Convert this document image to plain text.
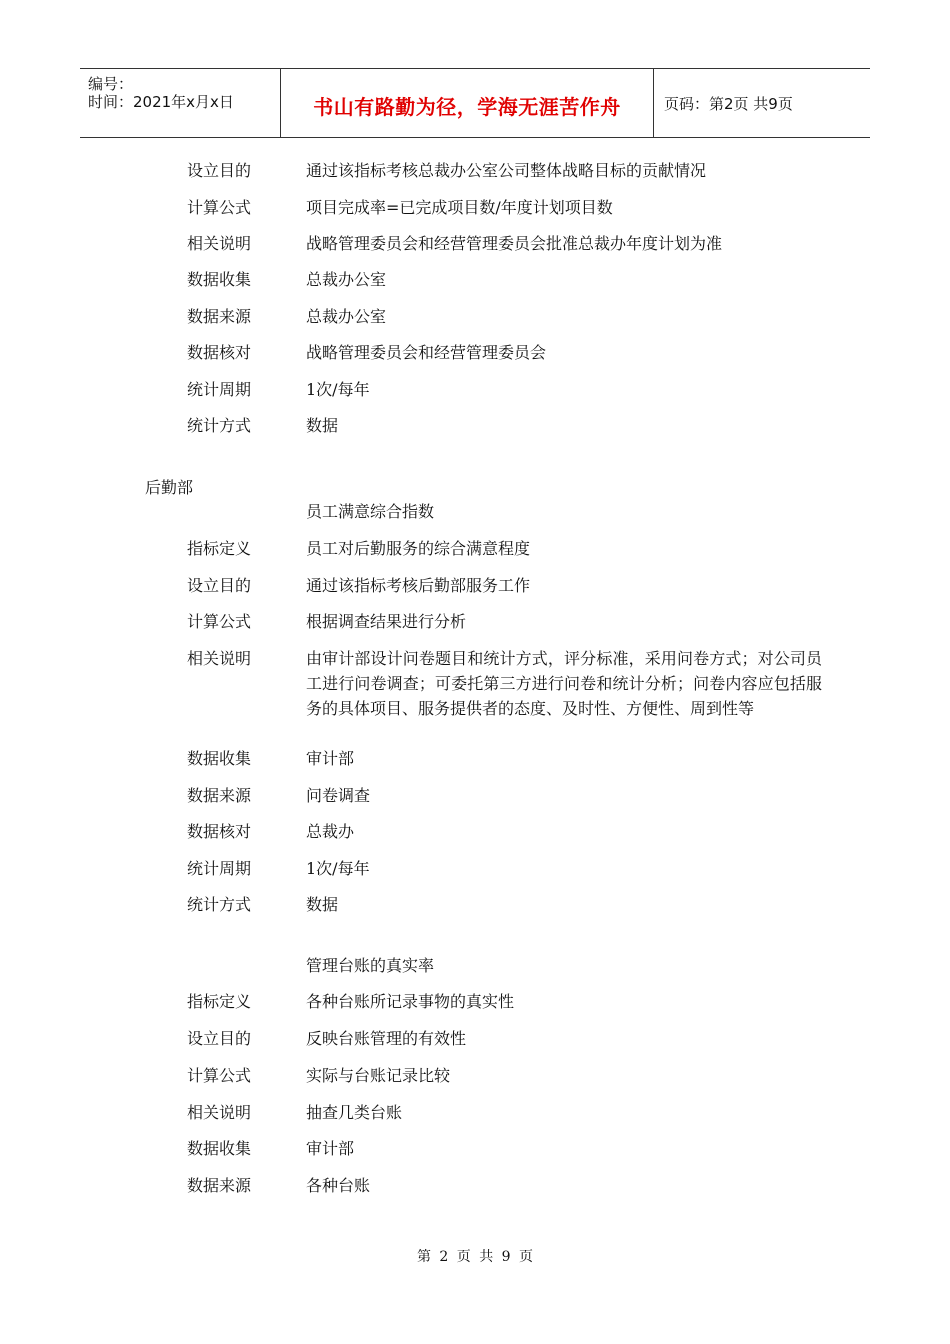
编号：
时间：2021年x月x日	书山有路勤为径，学海无涯苦作舟	页码：第2页 共9页
设立目的	通过该指标考核总裁办公室公司整体战略目标的贡献情况
计算公式	项目完成率=已完成项目数/年度计划项目数
相关说明	战略管理委员会和经营管理委员会批准总裁办年度计划为准
数据收集	总裁办公室
数据来源	总裁办公室
数据核对	战略管理委员会和经营管理委员会
统计周期	1次/每年
统计方式	数据
后勤部
员工满意综合指数
指标定义	员工对后勤服务的综合满意程度
设立目的	通过该指标考核后勤部服务工作
计算公式	根据调查结果进行分析
相关说明	由审计部设计问卷题目和统计方式，评分标准，采用问卷方式；对公司员工进行问卷调查；可委托第三方进行问卷和统计分析；问卷内容应包括服务的具体项目、服务提供者的态度、及时性、方便性、周到性等
数据收集	审计部
数据来源	问卷调查
数据核对	总裁办
统计周期	1次/每年
统计方式	数据
管理台账的真实率
指标定义	各种台账所记录事物的真实性
设立目的	反映台账管理的有效性
计算公式	实际与台账记录比较
相关说明	抽查几类台账
数据收集	审计部
数据来源	各种台账
第 2 页 共 9 页
